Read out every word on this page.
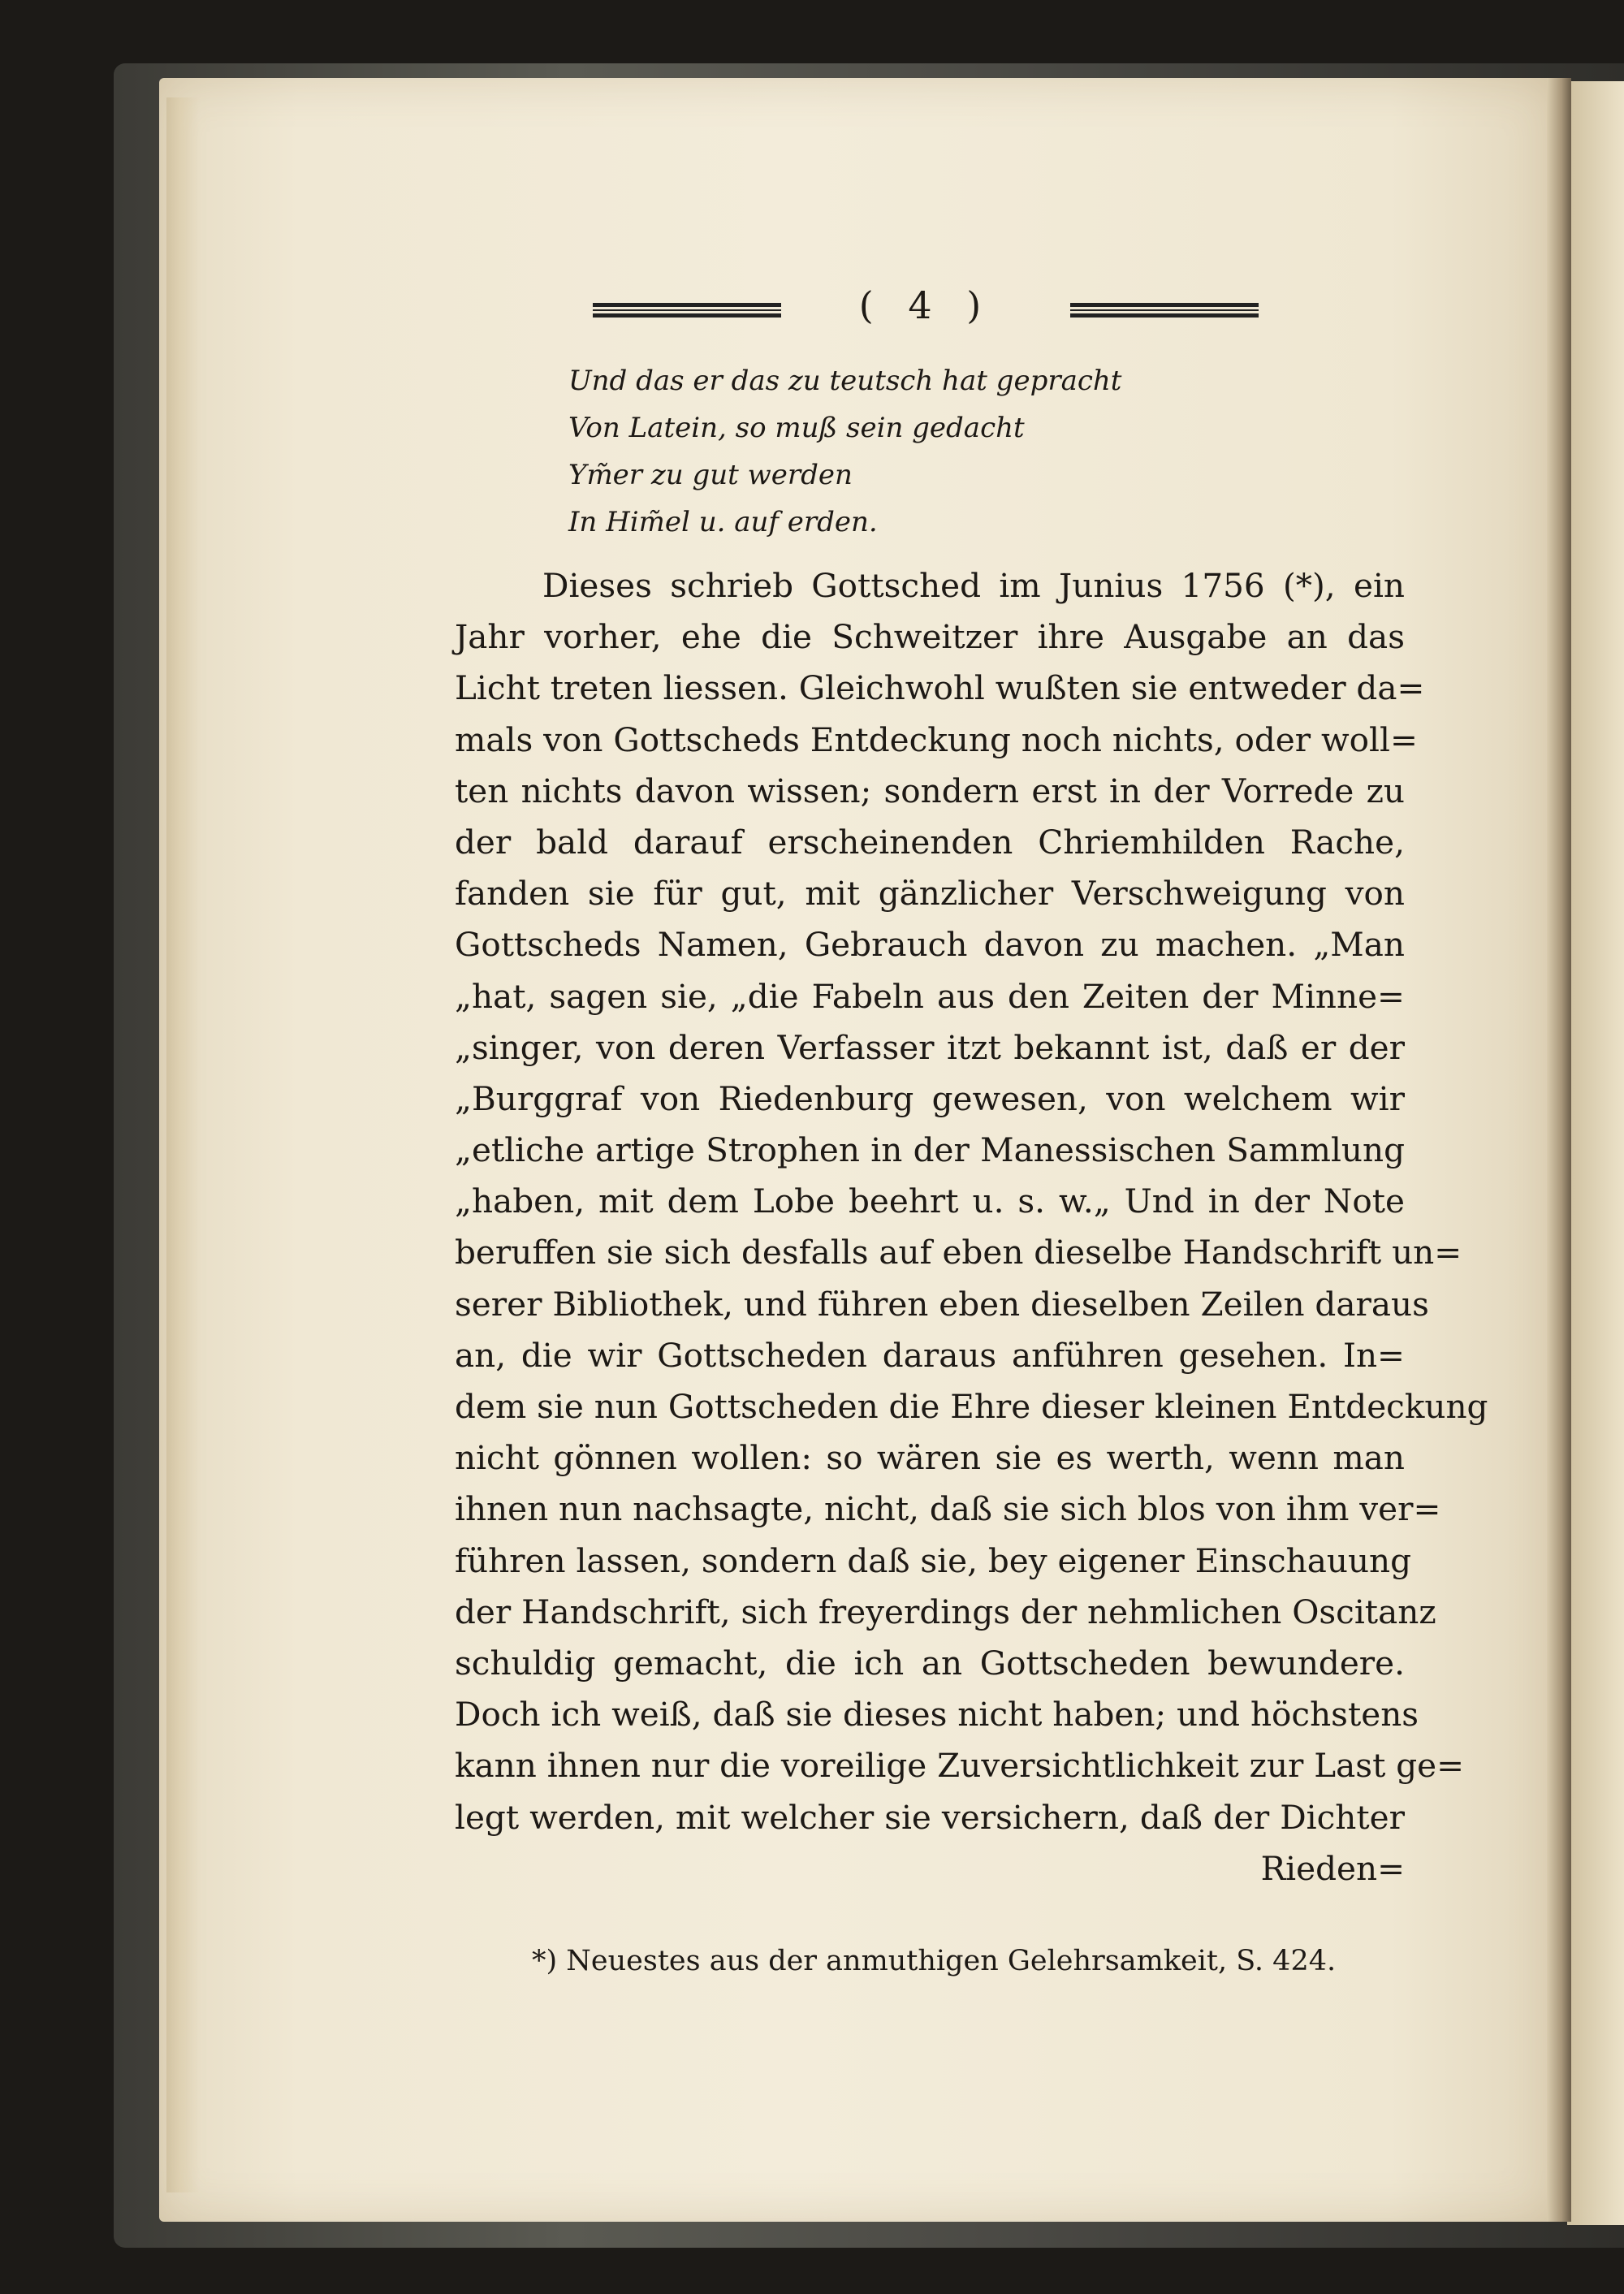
( 4 )
Und das er das zu teutsch hat gepracht
Von Latein, so muß sein gedacht
Ym̃er zu gut werden
In Him̃el u. auf erden.
Dieses schrieb Gottsched im Junius 1756 (*), ein
Jahr vorher, ehe die Schweitzer ihre Ausgabe an das
Licht treten liessen. Gleichwohl wußten sie entweder da=
mals von Gottscheds Entdeckung noch nichts, oder woll=
ten nichts davon wissen; sondern erst in der Vorrede zu
der bald darauf erscheinenden Chriemhilden Rache,
fanden sie für gut, mit gänzlicher Verschweigung von
Gottscheds Namen, Gebrauch davon zu machen. „Man
„hat, sagen sie, „die Fabeln aus den Zeiten der Minne=
„singer, von deren Verfasser itzt bekannt ist, daß er der
„Burggraf von Riedenburg gewesen, von welchem wir
„etliche artige Strophen in der Manessischen Sammlung
„haben, mit dem Lobe beehrt u. s. w.„ Und in der Note
beruffen sie sich desfalls auf eben dieselbe Handschrift un=
serer Bibliothek, und führen eben dieselben Zeilen daraus
an, die wir Gottscheden daraus anführen gesehen. In=
dem sie nun Gottscheden die Ehre dieser kleinen Entdeckung
nicht gönnen wollen: so wären sie es werth, wenn man
ihnen nun nachsagte, nicht, daß sie sich blos von ihm ver=
führen lassen, sondern daß sie, bey eigener Einschauung
der Handschrift, sich freyerdings der nehmlichen Oscitanz
schuldig gemacht, die ich an Gottscheden bewundere.
Doch ich weiß, daß sie dieses nicht haben; und höchstens
kann ihnen nur die voreilige Zuversichtlichkeit zur Last ge=
legt werden, mit welcher sie versichern, daß der Dichter
Rieden=
*) Neuestes aus der anmuthigen Gelehrsamkeit, S. 424.
